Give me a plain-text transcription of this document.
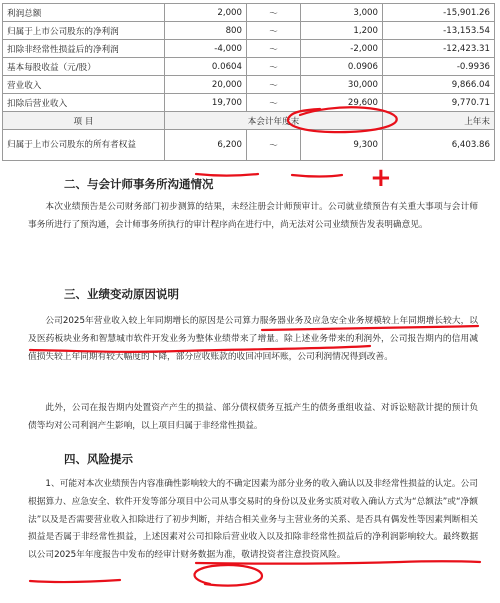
利润总额	2,000	～	3,000	-15,901.26
归属于上市公司股东的净利润	800	～	1,200	-13,153.54
扣除非经常性损益后的净利润	-4,000	～	-2,000	-12,423.31
基本每股收益（元/股）	0.0604	～	0.0906	-0.9936
营业收入	20,000	～	30,000	9,866.04
扣除后营业收入	19,700	～	29,600	9,770.71
项 目	本会计年度末			上年末
归属于上市公司股东的所有者权益	6,200	～	9,300	6,403.86
二、与会计师事务所沟通情况
本次业绩预告是公司财务部门初步测算的结果，未经注册会计师预审计。公司就业绩预告有关重大事项与会计师事务所进行了预沟通，会计师事务所执行的审计程序尚在进行中，尚无法对公司业绩预告发表明确意见。
三、业绩变动原因说明
公司2025年营业收入较上年同期增长的原因是公司算力服务器业务及应急安全业务规模较上年同期增长较大，以及医药板块业务和智慧城市软件开发业务为整体业绩带来了增量。除上述业务带来的利润外，公司报告期内的信用减值损失较上年同期有较大幅度的下降，部分应收账款的收回冲回坏账，公司利润情况得到改善。
此外，公司在报告期内处置资产产生的损益、部分债权债务互抵产生的债务重组收益、对诉讼赔款计提的预计负债等均对公司利润产生影响，以上项目归属于非经常性损益。
四、风险提示
1、可能对本次业绩预告内容准确性影响较大的不确定因素为部分业务的收入确认以及非经常性损益的认定。公司根据算力、应急安全、软件开发等部分项目中公司从事交易时的身份以及业务实质对收入确认方式为“总额法”或“净额法”以及是否需要营业收入扣除进行了初步判断，并结合相关业务与主营业务的关系、是否具有偶发性等因素判断相关损益是否属于非经常性损益，上述因素对公司扣除后营业收入以及扣除非经常性损益后的净利润影响较大。最终数据以公司2025年年度报告中发布的经审计财务数据为准，敬请投资者注意投资风险。
+
